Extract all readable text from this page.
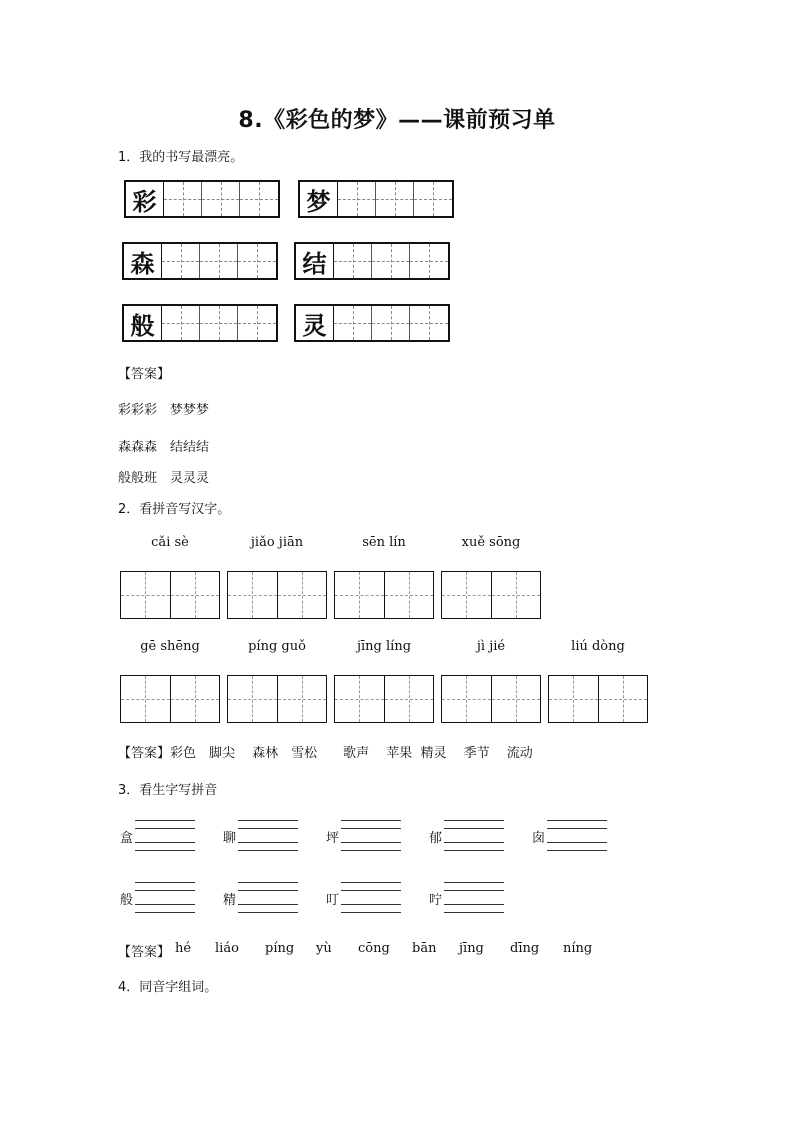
8.《彩色的梦》——课前预习单
1．我的书写最漂亮。
彩	梦
森	结
般	灵
【答案】
彩彩彩　梦梦梦
森森森　结结结
般般班　灵灵灵
2．看拼音写汉字。
cǎi sè	jiǎo jiān	sēn lín	xuě sōng
gē shēng	píng guǒ	jīng líng	jì jié	liú dòng
【答案】彩色　脚尖　 森林　雪松　　歌声　 苹果  精灵　 季节　 流动
3．看生字写拼音
盒	聊	坪	郁	囱
般	精	叮	咛
【答案】 hé liáo píng yù cōng bān jīng dīng níng
4．同音字组词。
